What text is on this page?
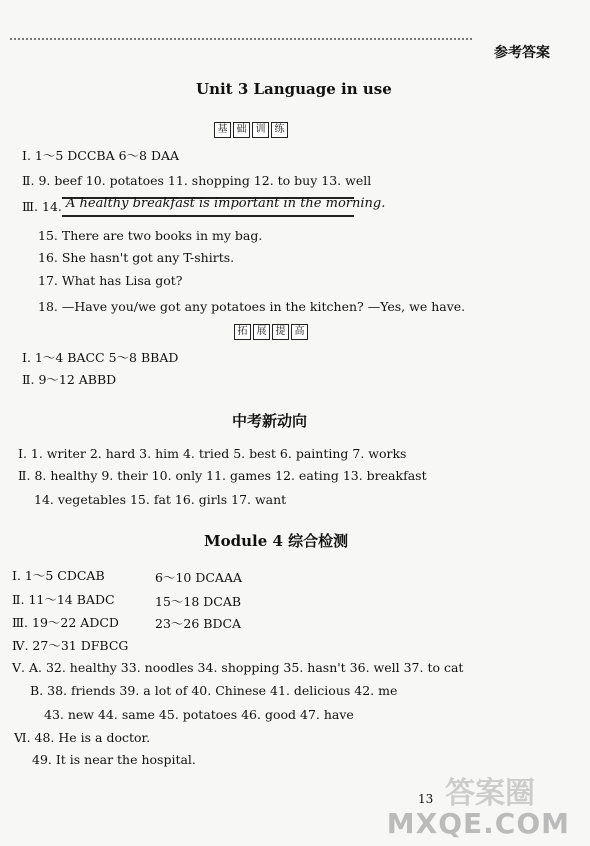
参考答案
Unit 3 Language in use
基 础 训 练
Ⅰ. 1～5 DCCBA 6～8 DAA
Ⅱ. 9. beef 10. potatoes 11. shopping 12. to buy 13. well
Ⅲ. 14. A healthy breakfast is important in the morning.
15. There are two books in my bag.
16. She hasn't got any T-shirts.
17. What has Lisa got?
18. —Have you/we got any potatoes in the kitchen? —Yes, we have.
拓 展 提 高
Ⅰ. 1～4 BACC 5～8 BBAD
Ⅱ. 9～12 ABBD
中考新动向
Ⅰ. 1. writer 2. hard 3. him 4. tried 5. best 6. painting 7. works
Ⅱ. 8. healthy 9. their 10. only 11. games 12. eating 13. breakfast
14. vegetables 15. fat 16. girls 17. want
Module 4 综合检测
Ⅰ. 1～5 CDCAB	6～10 DCAAA
Ⅱ. 11～14 BADC	15～18 DCAB
Ⅲ. 19～22 ADCD	23～26 BDCA
Ⅳ. 27～31 DFBCG
Ⅴ. A. 32. healthy 33. noodles 34. shopping 35. hasn't 36. well 37. to cat
B. 38. friends 39. a lot of 40. Chinese 41. delicious 42. me
43. new 44. same 45. potatoes 46. good 47. have
Ⅵ. 48. He is a doctor.
49. It is near the hospital.
13 答案圈
MXQE.COM
